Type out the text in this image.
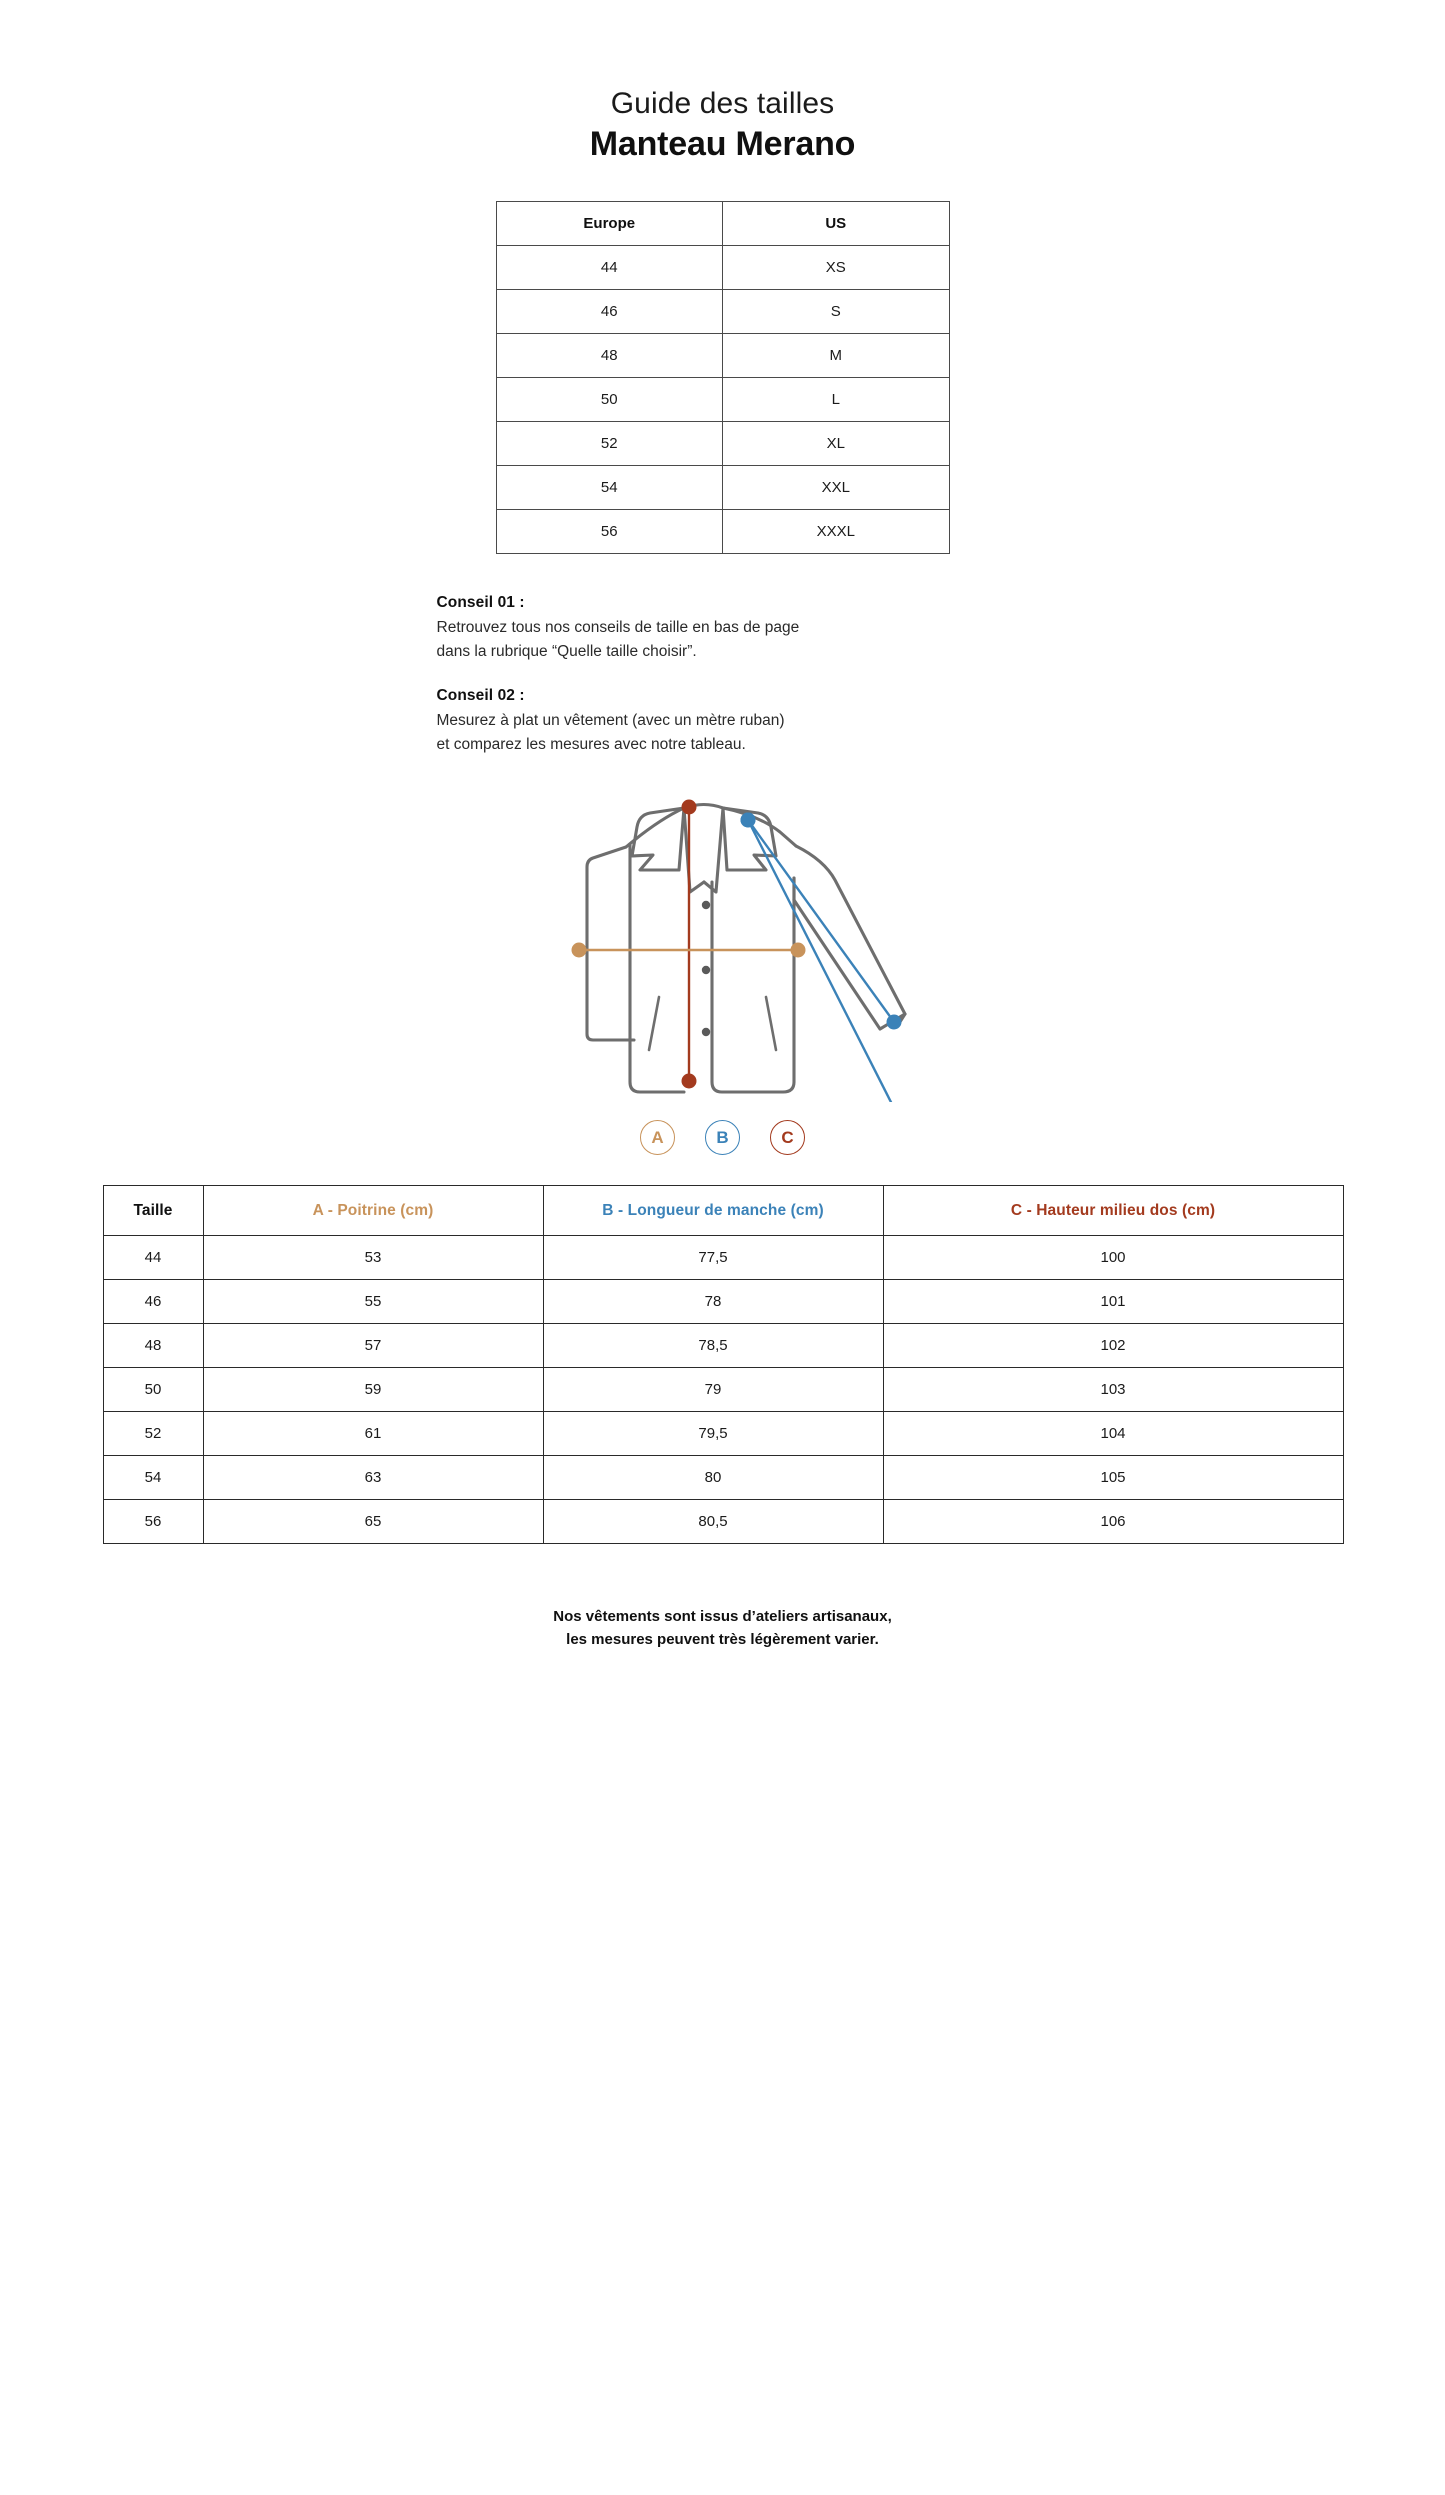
Guide des tailles
Manteau Merano
Europe	US
44	XS
46	S
48	M
50	L
52	XL
54	XXL
56	XXXL
Conseil 01 :
Retrouvez tous nos conseils de taille en bas de page
dans la rubrique “Quelle taille choisir”.
Conseil 02 :
Mesurez à plat un vêtement (avec un mètre ruban)
et comparez les mesures avec notre tableau.
A	B	C
Taille	A - Poitrine (cm)	B - Longueur de manche (cm)	C - Hauteur milieu dos (cm)
44	53	77,5	100
46	55	78	101
48	57	78,5	102
50	59	79	103
52	61	79,5	104
54	63	80	105
56	65	80,5	106
Nos vêtements sont issus d’ateliers artisanaux,
les mesures peuvent très légèrement varier.
